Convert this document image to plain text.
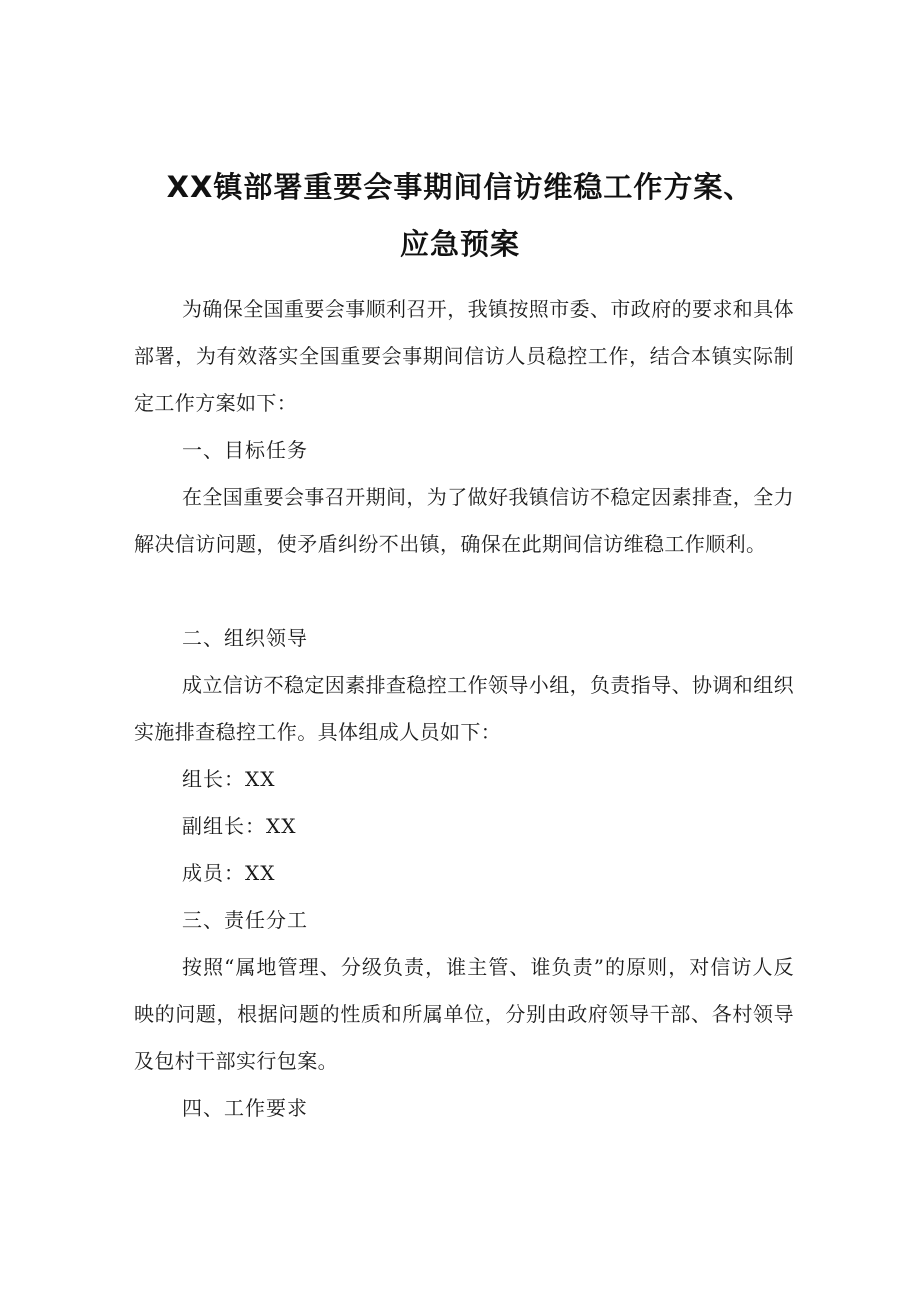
XX镇部署重要会事期间信访维稳工作方案、
应急预案

为确保全国重要会事顺利召开，我镇按照市委、市政府的要求和具体部署，为有效落实全国重要会事期间信访人员稳控工作，结合本镇实际制定工作方案如下：

一、目标任务

在全国重要会事召开期间，为了做好我镇信访不稳定因素排查，全力解决信访问题，使矛盾纠纷不出镇，确保在此期间信访维稳工作顺利。

二、组织领导

成立信访不稳定因素排查稳控工作领导小组，负责指导、协调和组织实施排查稳控工作。具体组成人员如下：

组长：XX

副组长：XX

成员：XX

三、责任分工

按照“属地管理、分级负责，谁主管、谁负责”的原则，对信访人反映的问题，根据问题的性质和所属单位，分别由政府领导干部、各村领导及包村干部实行包案。

四、工作要求
